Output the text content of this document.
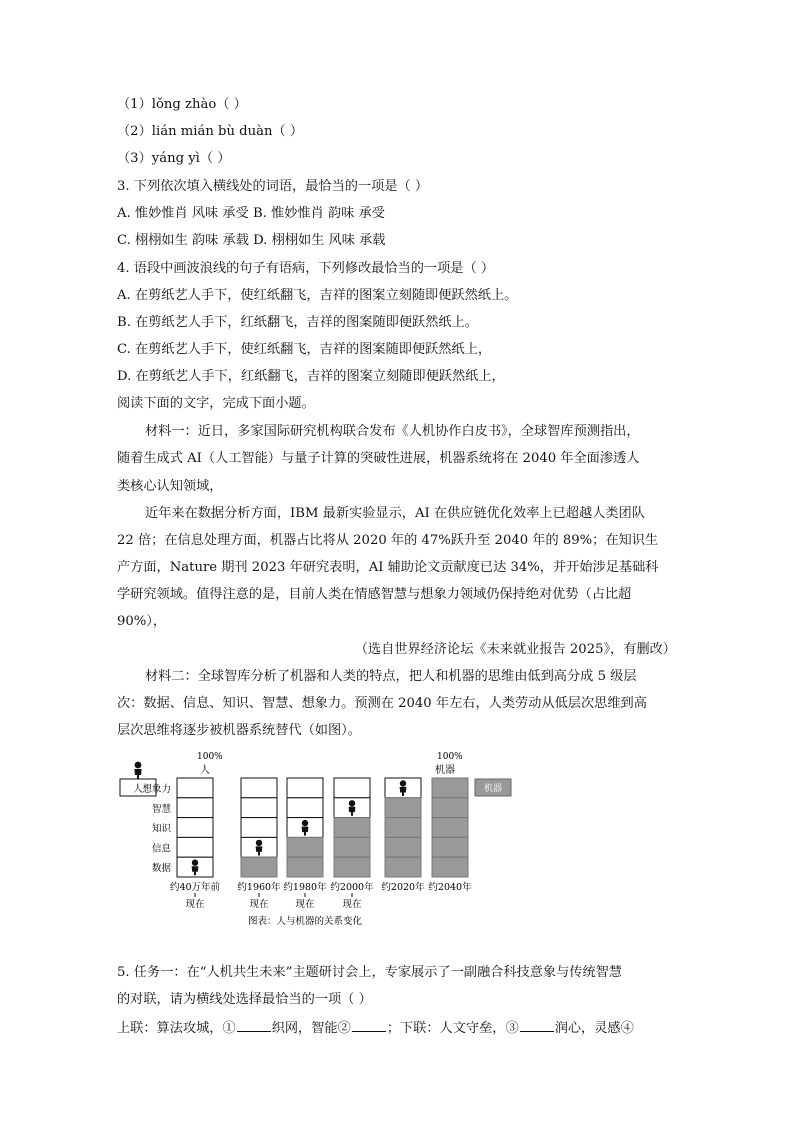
（1）lǒng zhào（ ）
（2）lián mián bù duàn（ ）
（3）yáng yì（ ）
3. 下列依次填入横线处的词语，最恰当的一项是（ ）
A. 惟妙惟肖 风味 承受 B. 惟妙惟肖 韵味 承受
C. 栩栩如生 韵味 承载 D. 栩栩如生 风味 承载
4. 语段中画波浪线的句子有语病，下列修改最恰当的一项是（ ）
A. 在剪纸艺人手下，使红纸翻飞，吉祥的图案立刻随即便跃然纸上。
B. 在剪纸艺人手下，红纸翻飞，吉祥的图案随即便跃然纸上。
C. 在剪纸艺人手下，使红纸翻飞，吉祥的图案随即便跃然纸上，
D. 在剪纸艺人手下，红纸翻飞，吉祥的图案立刻随即便跃然纸上，
阅读下面的文字，完成下面小题。
材料一：近日，多家国际研究机构联合发布《人机协作白皮书》，全球智库预测指出，
随着生成式 AI（人工智能）与量子计算的突破性进展，机器系统将在 2040 年全面渗透人
类核心认知领域，
近年来在数据分析方面，IBM 最新实验显示，AI 在供应链优化效率上已超越人类团队
22 倍；在信息处理方面，机器占比将从 2020 年的 47%跃升至 2040 年的 89%；在知识生
产方面，Nature 期刊 2023 年研究表明，AI 辅助论文贡献度已达 34%，并开始涉足基础科
学研究领域。值得注意的是，目前人类在情感智慧与想象力领域仍保持绝对优势（占比超
90%），
（选自世界经济论坛《未来就业报告 2025》，有删改）
材料二：全球智库分析了机器和人类的特点，把人和机器的思维由低到高分成 5 级层
次：数据、信息、知识、智慧、想象力。预测在 2040 年左右，人类劳动从低层次思维到高
层次思维将逐步被机器系统替代（如图）。
人	机器
想象力
智慧
知识
信息
数据
100%
人
100%
机器
约40万年前
现在
约1960年
现在
约1980年
现在
约2000年
现在
约2020年 约2040年
图表：人与机器的关系变化
5. 任务一：在“人机共生未来”主题研讨会上，专家展示了一副融合科技意象与传统智慧
的对联，请为横线处选择最恰当的一项（ ）
上联：算法攻城，①	织网，智能②	；下联：人文守垒，③	润心，灵感④
